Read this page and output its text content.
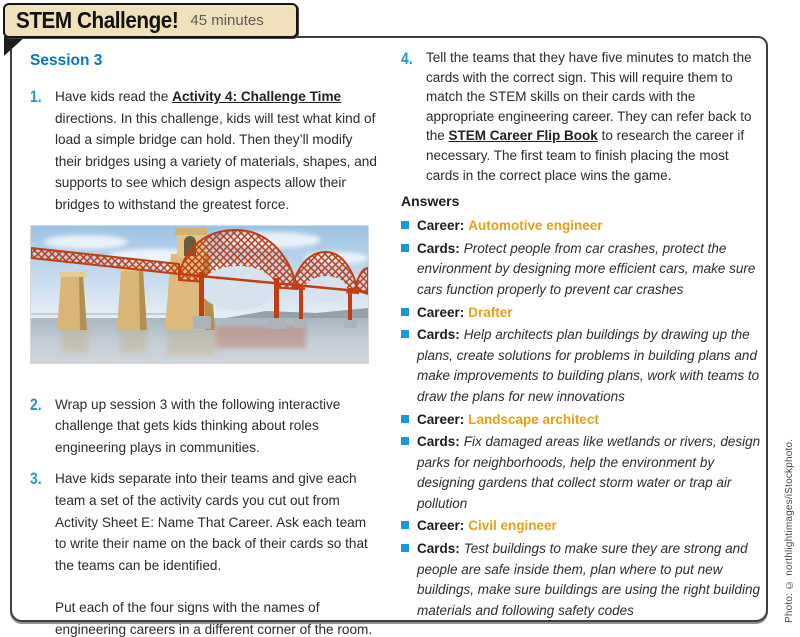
STEM Challenge! 45 minutes
Session 3
1. Have kids read the Activity 4: Challenge Time directions. In this challenge, kids will test what kind of load a simple bridge can hold. Then they’ll modify their bridges using a variety of materials, shapes, and supports to see which design aspects allow their bridges to withstand the greatest force.
2. Wrap up session 3 with the following interactive challenge that gets kids thinking about roles engineering plays in communities.
3. Have kids separate into their teams and give each team a set of the activity cards you cut out from Activity Sheet E: Name That Career. Ask each team to write their name on the back of their cards so that the teams can be identified.
Put each of the four signs with the names of engineering careers in a different corner of the room.
4. Tell the teams that they have five minutes to match the cards with the correct sign. This will require them to match the STEM skills on their cards with the appropriate engineering career. They can refer back to the STEM Career Flip Book to research the career if necessary. The first team to finish placing the most cards in the correct place wins the game.
Answers
Career: Automotive engineer
Cards: Protect people from car crashes, protect the environment by designing more efficient cars, make sure cars function properly to prevent car crashes
Career: Drafter
Cards: Help architects plan buildings by drawing up the plans, create solutions for problems in building plans and make improvements to building plans, work with teams to draw the plans for new innovations
Career: Landscape architect
Cards: Fix damaged areas like wetlands or rivers, design parks for neighborhoods, help the environment by designing gardens that collect storm water or trap air pollution
Career: Civil engineer
Cards: Test buildings to make sure they are strong and people are safe inside them, plan where to put new buildings, make sure buildings are using the right building materials and following safety codes	Photo: © northlightimages/iStockphoto.
